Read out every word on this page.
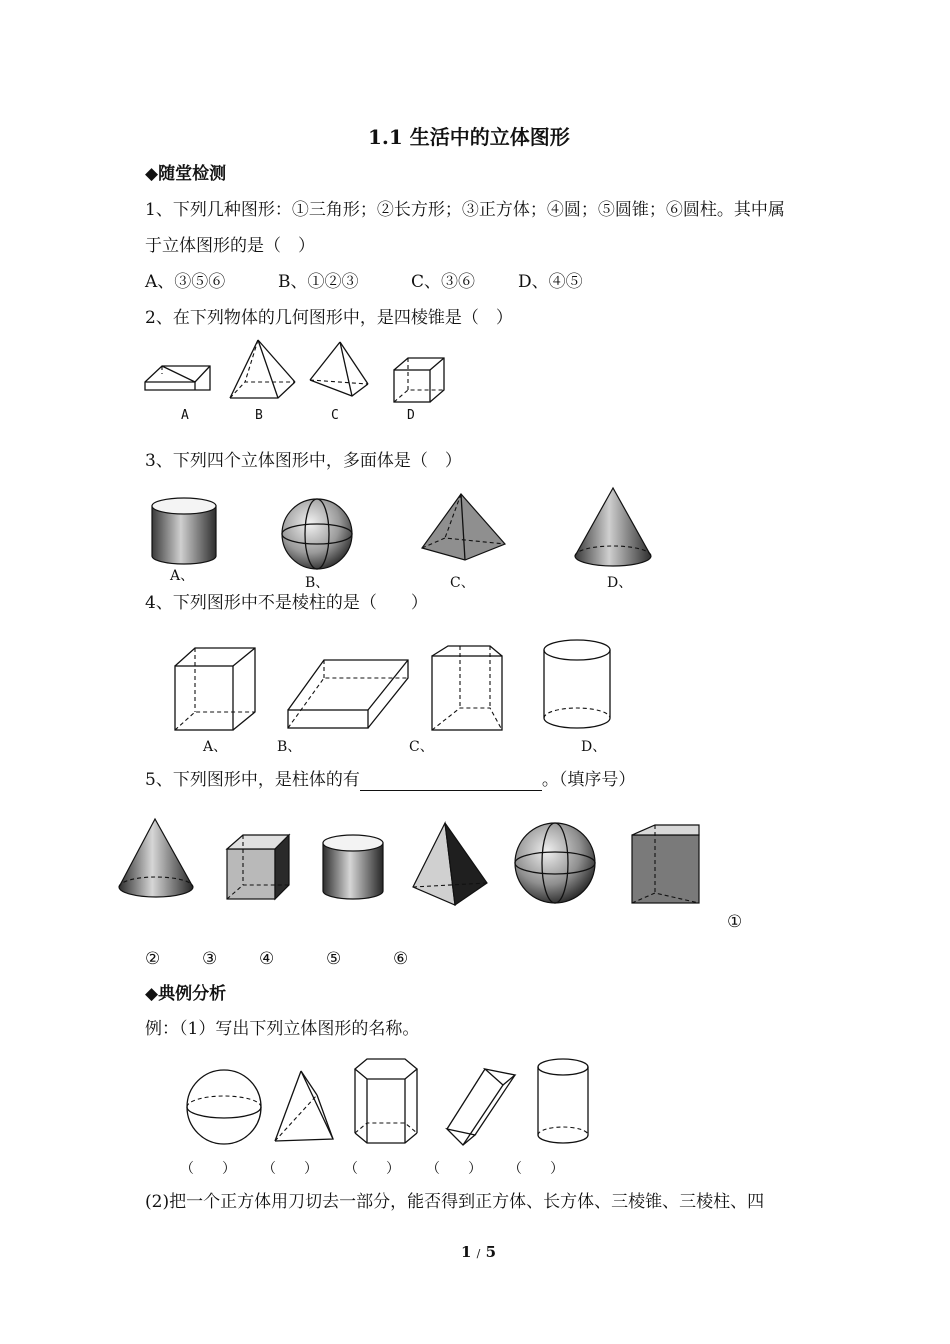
1.1 生活中的立体图形
◆随堂检测
1、下列几种图形：①三角形；②长方形；③正方体；④圆；⑤圆锥；⑥圆柱。其中属
于立体图形的是（　）
A、③⑤⑥	B、①②③	C、③⑥	D、④⑤
2、在下列物体的几何图形中，是四棱锥是（　）
A	B	C	D
3、下列四个立体图形中，多面体是（　）
A、	B、	C、	D、
4、下列图形中不是棱柱的是（　　）
A、	B、	C、	D、
5、下列图形中，是柱体的有	。（填序号）
①
② ③ ④	⑤	⑥
◆典例分析
例：（1）写出下列立体图形的名称。
（　　） （　　） （　　） （　　） （　　）
(2)把一个正方体用刀切去一部分，能否得到正方体、长方体、三棱锥、三棱柱、四
1 / 5
